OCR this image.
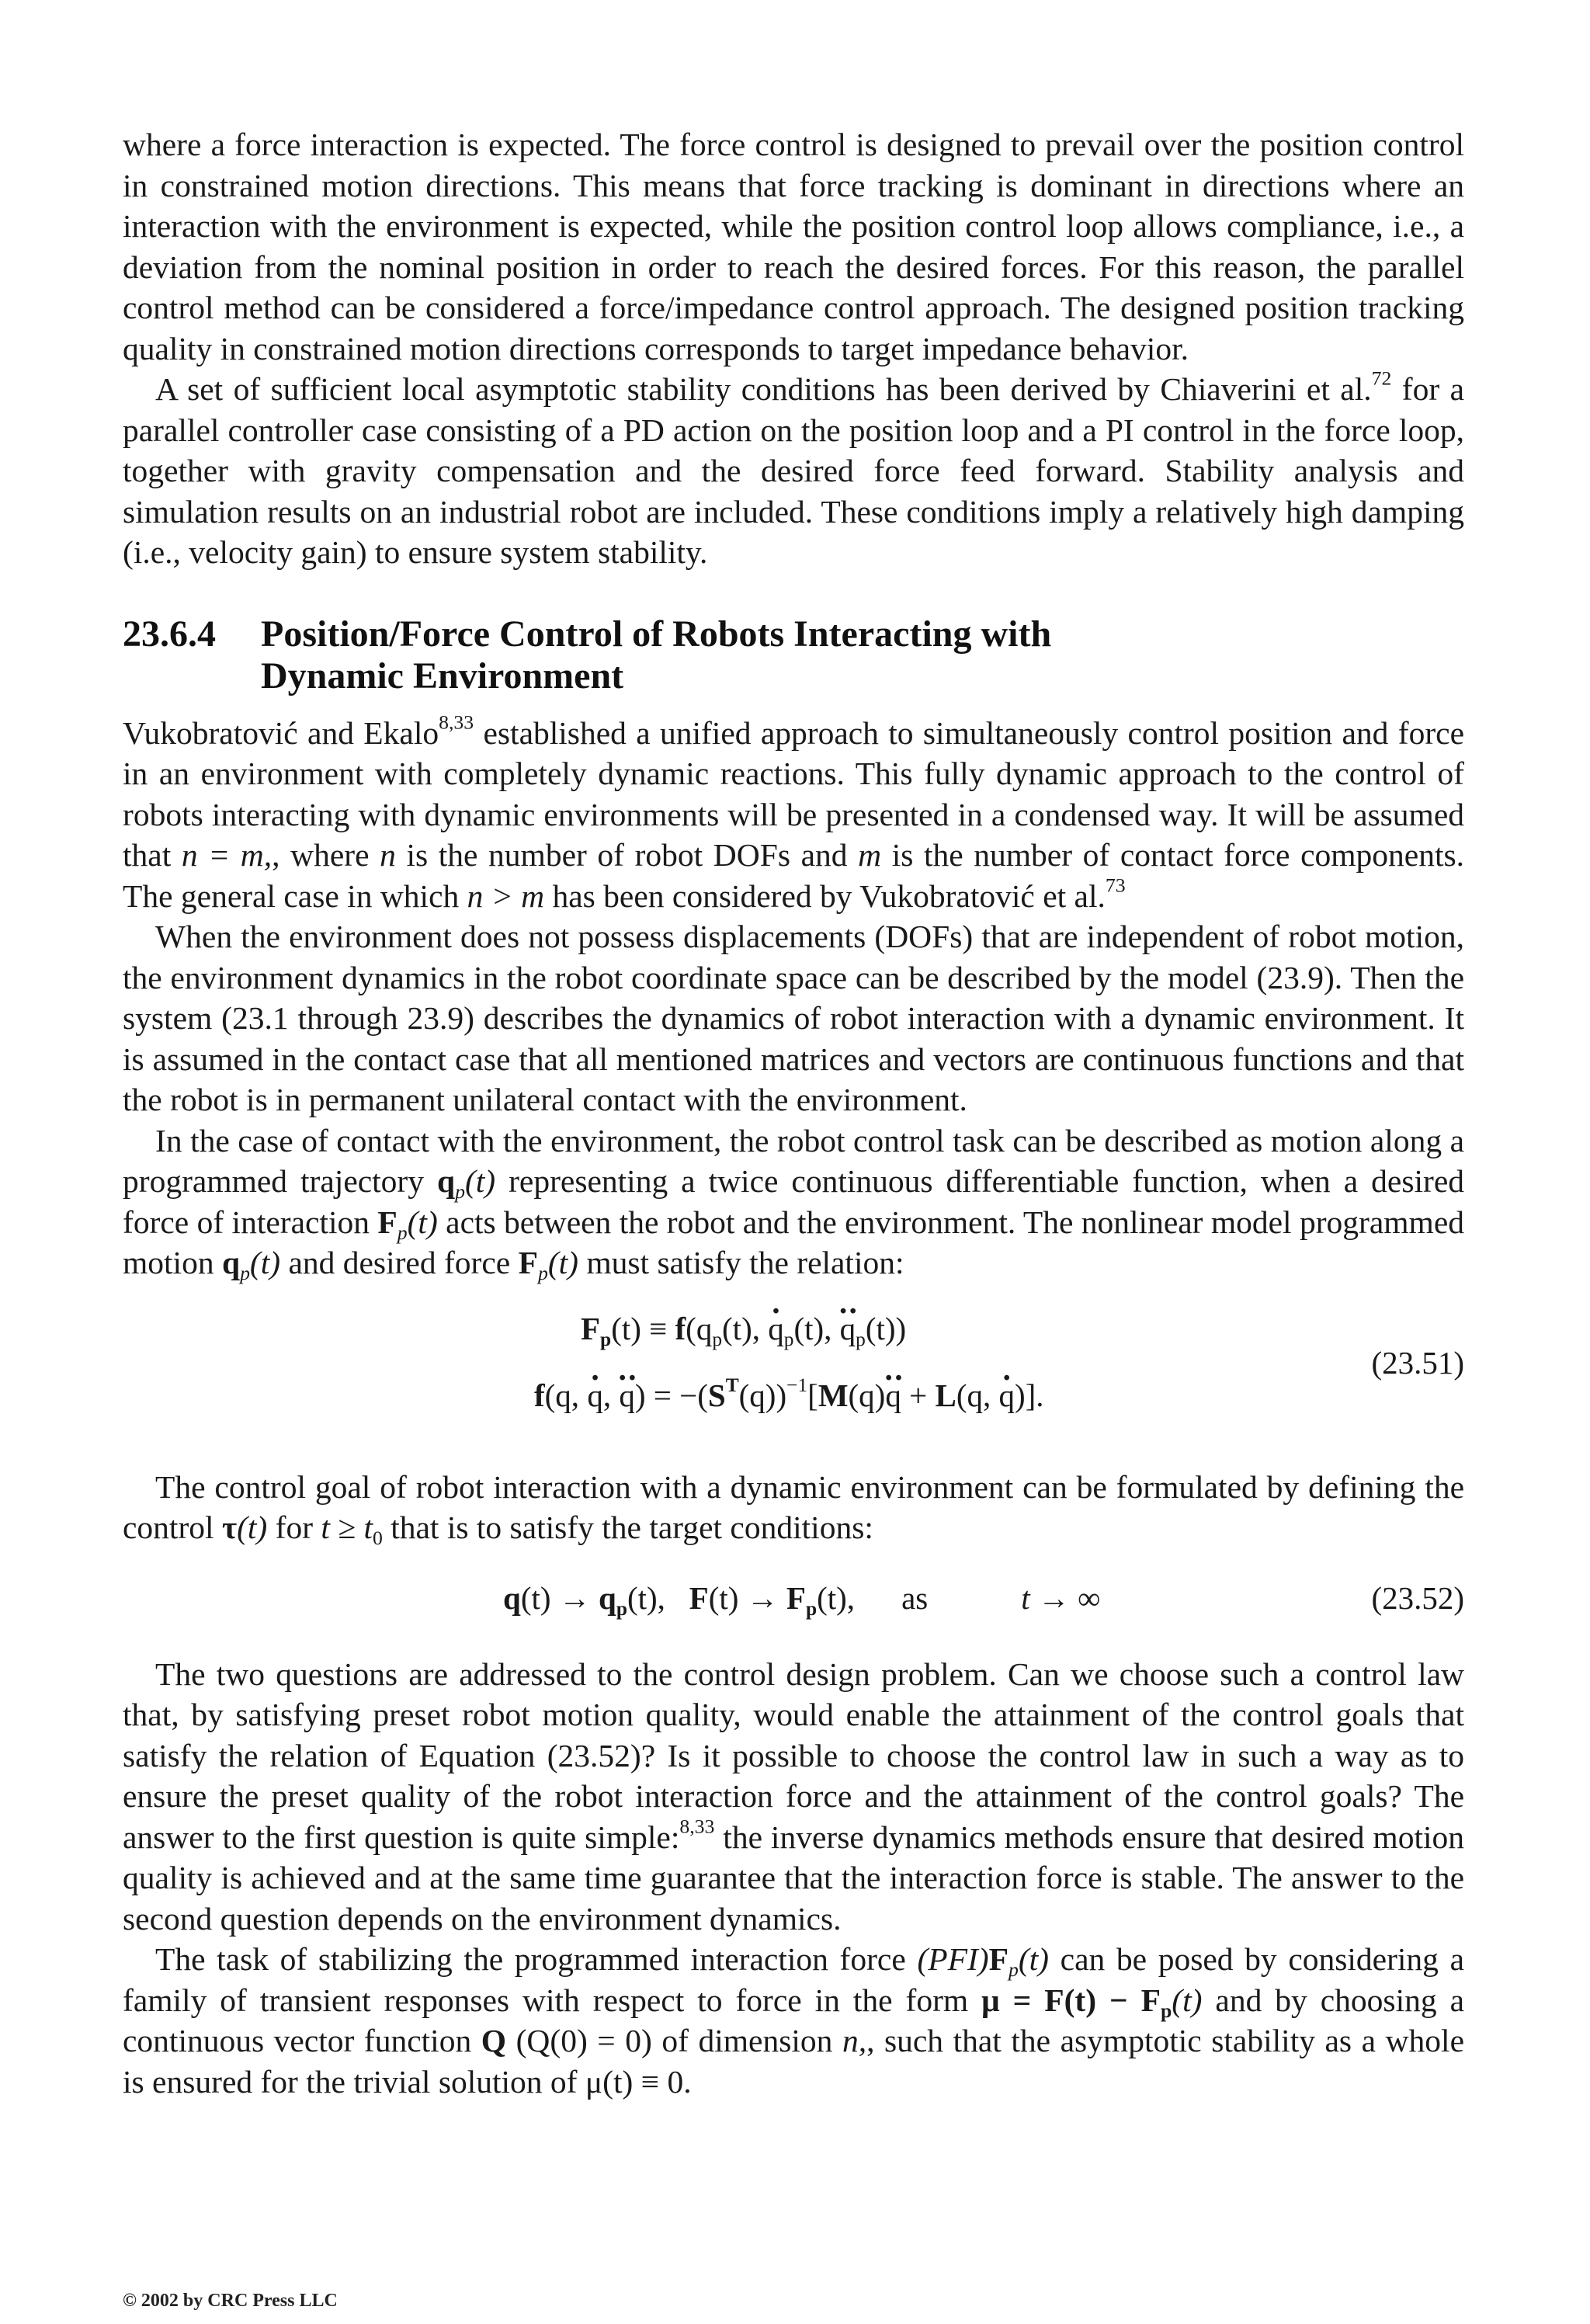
where a force interaction is expected. The force control is designed to prevail over the position control in constrained motion directions. This means that force tracking is dominant in directions where an interaction with the environment is expected, while the position control loop allows compliance, i.e., a deviation from the nominal position in order to reach the desired forces. For this reason, the parallel control method can be considered a force/impedance control approach. The designed position tracking quality in constrained motion directions corresponds to target impedance behavior.

A set of sufficient local asymptotic stability conditions has been derived by Chiaverini et al.$^{72}$ for a parallel controller case consisting of a PD action on the position loop and a PI control in the force loop, together with gravity compensation and the desired force feed forward. Stability analysis and simulation results on an industrial robot are included. These conditions imply a relatively high damping (i.e., velocity gain) to ensure system stability.

23.6.4	Position/Force Control of Robots Interacting with Dynamic Environment

Vukobratović and Ekalo$^{8,33}$ established a unified approach to simultaneously control position and force in an environment with completely dynamic reactions. This fully dynamic approach to the control of robots interacting with dynamic environments will be presented in a condensed way. It will be assumed that n = m,, where n is the number of robot DOFs and m is the number of contact force components. The general case in which n > m has been considered by Vukobratović et al.$^{73}$

When the environment does not possess displacements (DOFs) that are independent of robot motion, the environment dynamics in the robot coordinate space can be described by the model (23.9). Then the system (23.1 through 23.9) describes the dynamics of robot interaction with a dynamic environment. It is assumed in the contact case that all mentioned matrices and vectors are continuous functions and that the robot is in permanent unilateral contact with the environment.

In the case of contact with the environment, the robot control task can be described as motion along a programmed trajectory $q_p(t)$ representing a twice continuous differentiable function, when a desired force of interaction $F_p(t)$ acts between the robot and the environment. The nonlinear model programmed motion $q_p(t)$ and desired force $F_p(t)$ must satisfy the relation:

$F_p(t) \equiv f(q_p(t)$, · $q_p(t)$, ·· $q_p(t)$)
f(q, · q, ·· $q) = -(S^T(q))^{-1}[M(q)\cdot\cdot q + L(q$, · q)].
(23.51)

The control goal of robot interaction with a dynamic environment can be formulated by defining the control τ(t) for $t \ge t_0$ that is to satisfy the target conditions:

$q(t) \to q_p(t)$,   $F(t) \to F_p(t)$, as	t → ∞	(23.52)

The two questions are addressed to the control design problem. Can we choose such a control law that, by satisfying preset robot motion quality, would enable the attainment of the control goals that satisfy the relation of Equation (23.52)? Is it possible to choose the control law in such a way as to ensure the preset quality of the robot interaction force and the attainment of the control goals? The answer to the first question is quite simple:$^{8,33}$ the inverse dynamics methods ensure that desired motion quality is achieved and at the same time guarantee that the interaction force is stable. The answer to the second question depends on the environment dynamics.

The task of stabilizing the programmed interaction force $(PFI)F_p(t)$ can be posed by considering a family of transient responses with respect to force in the form $\mu = F(t) - F_p(t)$ and by choosing a continuous vector function Q (Q(0) = 0) of dimension n,, such that the asymptotic stability as a whole is ensured for the trivial solution of μ(t) ≡ 0.

© 2002 by CRC Press LLC
